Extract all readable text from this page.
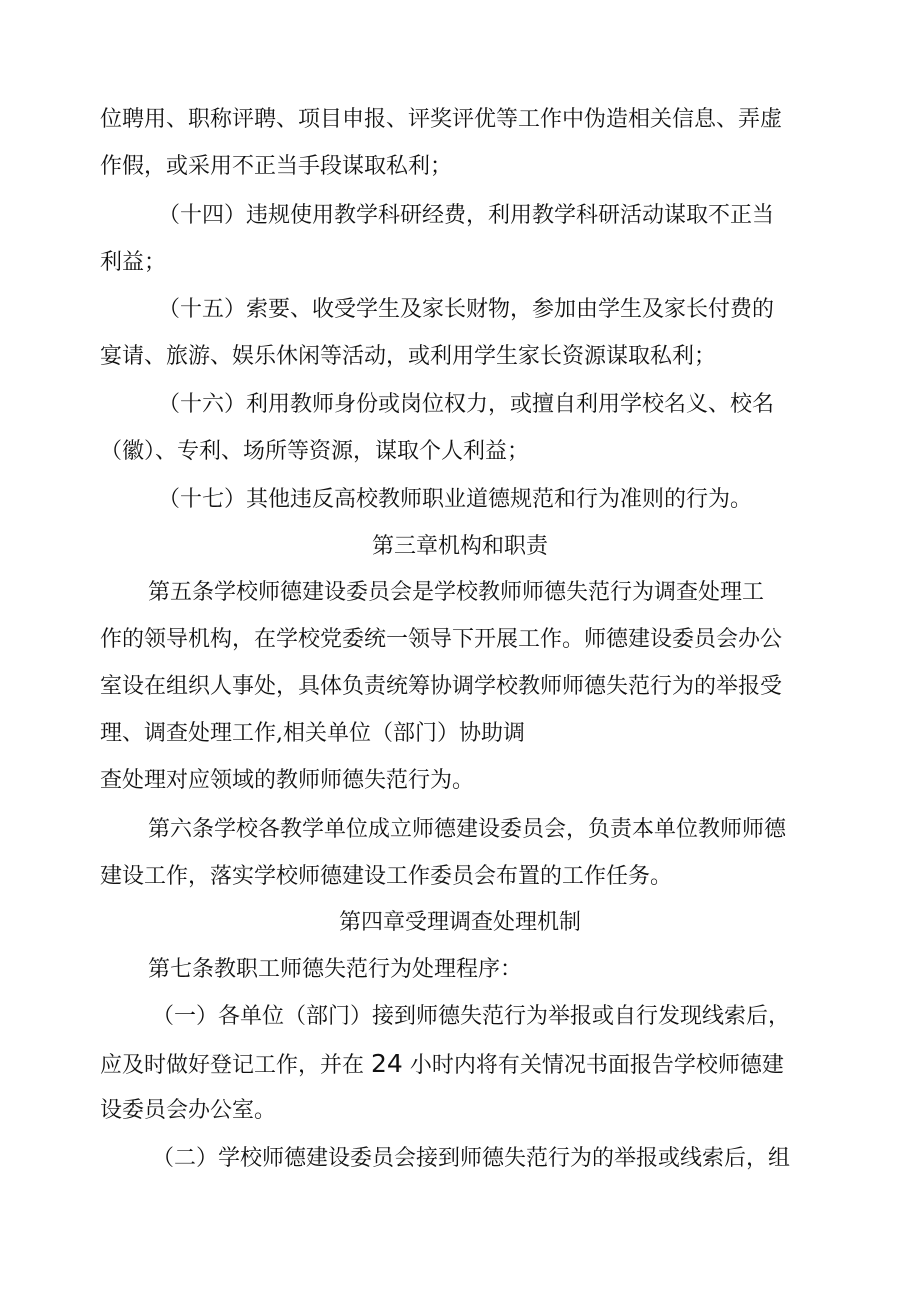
位聘用、职称评聘、项目申报、评奖评优等工作中伪造相关信息、弄虚
作假，或采用不正当手段谋取私利；
（十四）违规使用教学科研经费，利用教学科研活动谋取不正当
利益；
（十五）索要、收受学生及家长财物，参加由学生及家长付费的
宴请、旅游、娱乐休闲等活动，或利用学生家长资源谋取私利；
（十六）利用教师身份或岗位权力，或擅自利用学校名义、校名
（徽）、专利、场所等资源，谋取个人利益；
（十七）其他违反高校教师职业道德规范和行为准则的行为。
第三章机构和职责
第五条学校师德建设委员会是学校教师师德失范行为调查处理工
作的领导机构，在学校党委统一领导下开展工作。师德建设委员会办公
室设在组织人事处，具体负责统筹协调学校教师师德失范行为的举报受
理、调查处理工作,相关单位（部门）协助调
查处理对应领域的教师师德失范行为。
第六条学校各教学单位成立师德建设委员会，负责本单位教师师德
建设工作，落实学校师德建设工作委员会布置的工作任务。
第四章受理调查处理机制
第七条教职工师德失范行为处理程序：
（一）各单位（部门）接到师德失范行为举报或自行发现线索后，
应及时做好登记工作，并在 24 小时内将有关情况书面报告学校师德建
设委员会办公室。
（二）学校师德建设委员会接到师德失范行为的举报或线索后，组
